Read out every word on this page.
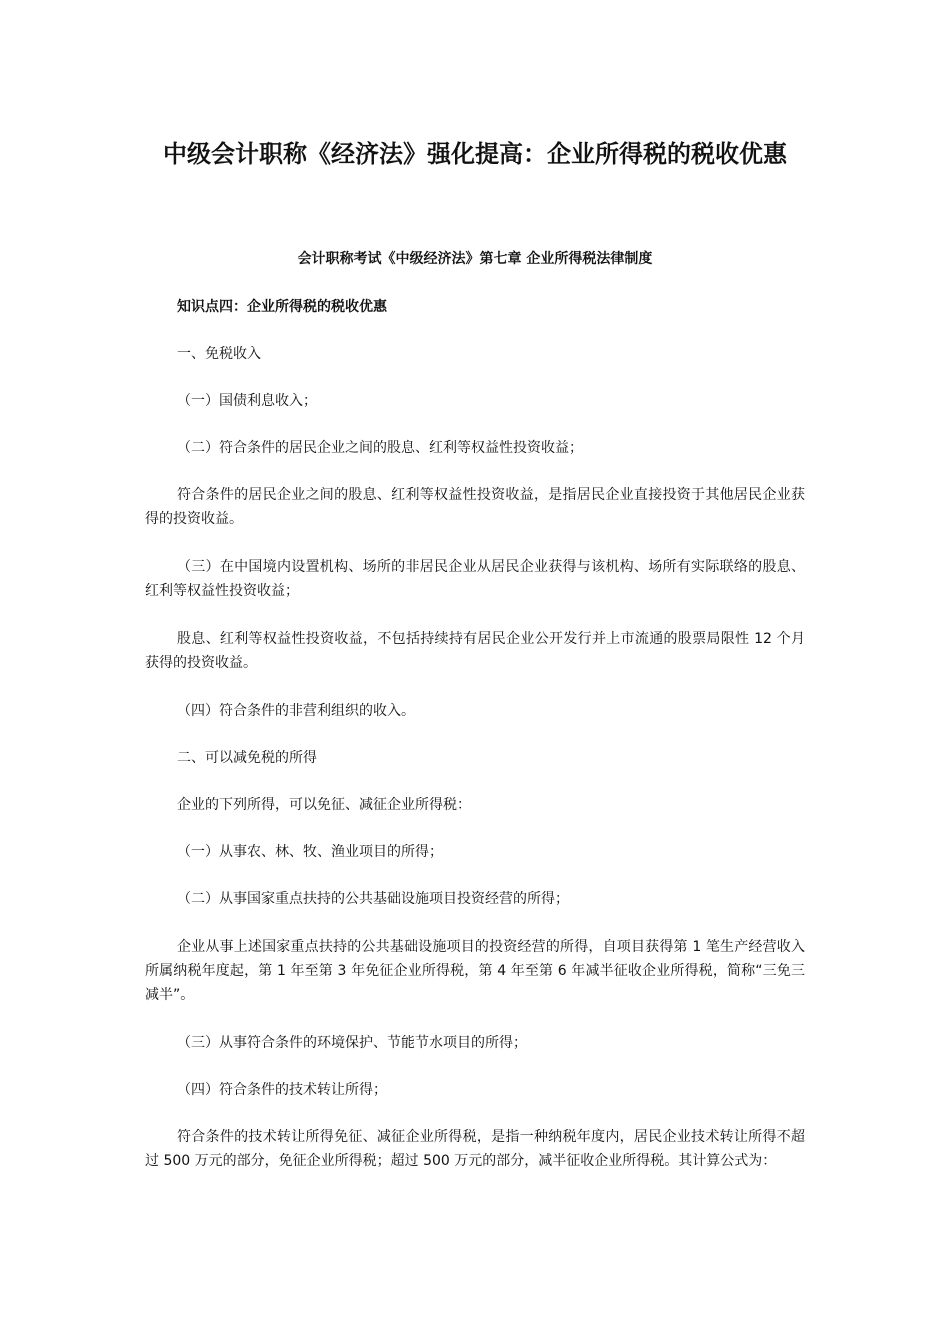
中级会计职称《经济法》强化提高：企业所得税的税收优惠

会计职称考试《中级经济法》第七章 企业所得税法律制度

知识点四：企业所得税的税收优惠

一、免税收入

（一）国债利息收入；

（二）符合条件的居民企业之间的股息、红利等权益性投资收益；

符合条件的居民企业之间的股息、红利等权益性投资收益，是指居民企业直接投资于其他居民企业获得的投资收益。

（三）在中国境内设置机构、场所的非居民企业从居民企业获得与该机构、场所有实际联络的股息、红利等权益性投资收益；

股息、红利等权益性投资收益，不包括持续持有居民企业公开发行并上市流通的股票局限性 12 个月获得的投资收益。

（四）符合条件的非营利组织的收入。

二、可以减免税的所得

企业的下列所得，可以免征、减征企业所得税：

（一）从事农、林、牧、渔业项目的所得；

（二）从事国家重点扶持的公共基础设施项目投资经营的所得；

企业从事上述国家重点扶持的公共基础设施项目的投资经营的所得，自项目获得第 1 笔生产经营收入所属纳税年度起，第 1 年至第 3 年免征企业所得税，第 4 年至第 6 年减半征收企业所得税，简称“三免三减半”。

（三）从事符合条件的环境保护、节能节水项目的所得；

（四）符合条件的技术转让所得；

符合条件的技术转让所得免征、减征企业所得税，是指一种纳税年度内，居民企业技术转让所得不超过 500 万元的部分，免征企业所得税；超过 500 万元的部分，减半征收企业所得税。其计算公式为：
